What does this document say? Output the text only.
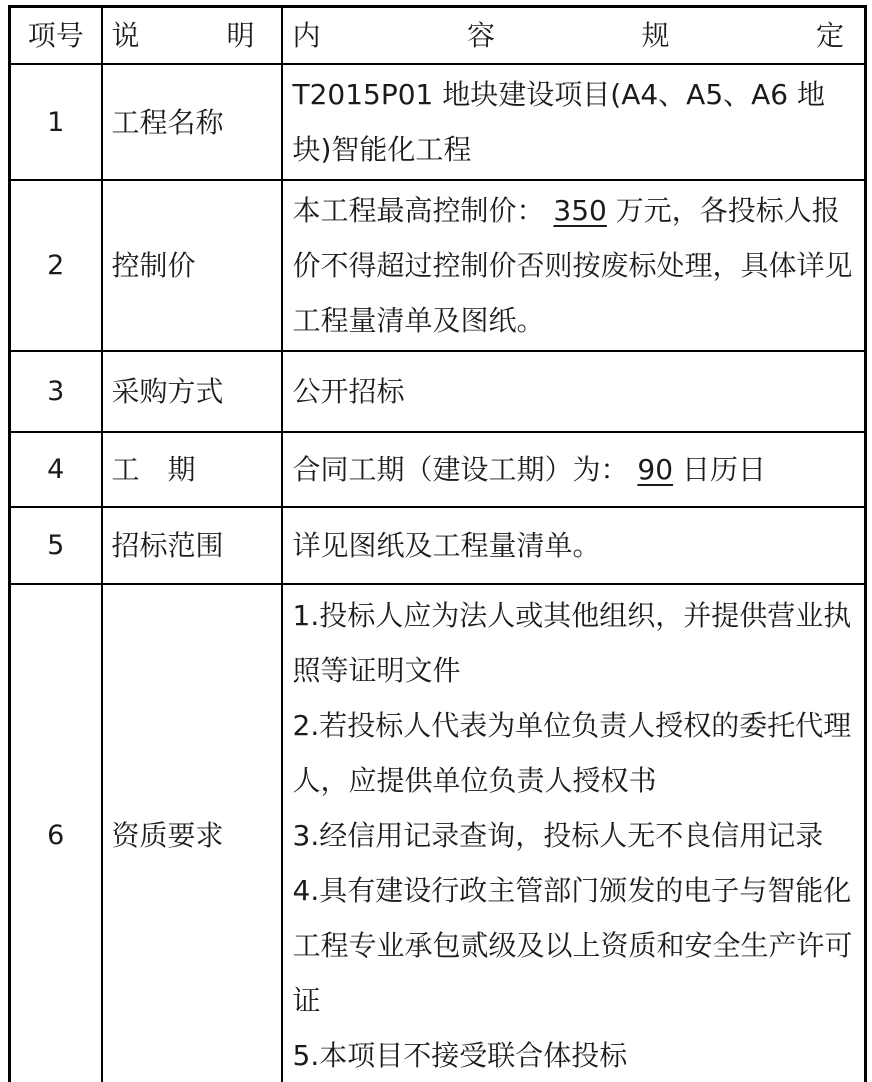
项号	说明	内容规定
1	工程名称	T2015P01 地块建设项目(A4、A5、A6 地块)智能化工程

2	控制价	本工程最高控制价： 350 万元，各投标人报价不得超过控制价否则按废标处理，具体详见工程量清单及图纸。

3	采购方式	公开招标

4	工　期	合同工期（建设工期）为： 90 日历日

5	招标范围	详见图纸及工程量清单。

6	资质要求	1.投标人应为法人或其他组织，并提供营业执照等证明文件

2.若投标人代表为单位负责人授权的委托代理人，应提供单位负责人授权书

3.经信用记录查询，投标人无不良信用记录

4.具有建设行政主管部门颁发的电子与智能化工程专业承包贰级及以上资质和安全生产许可证

5.本项目不接受联合体投标
